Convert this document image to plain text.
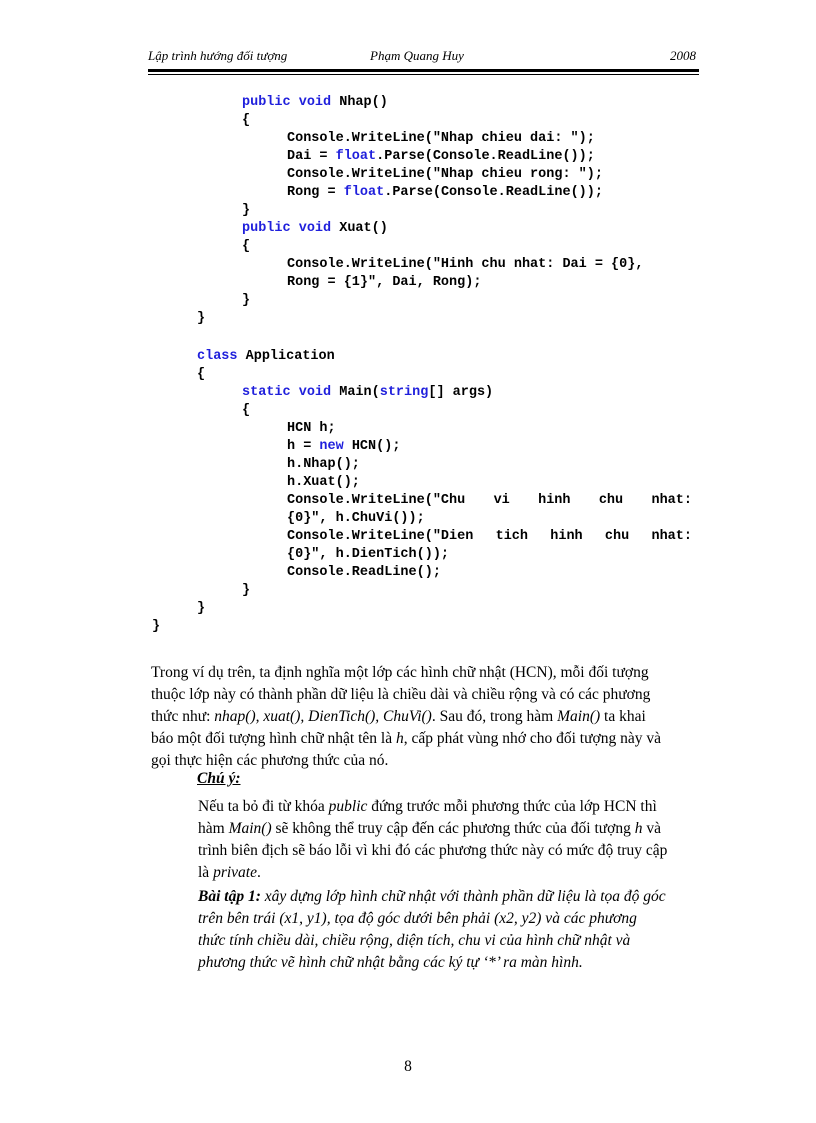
Lập trình hướng đối tượng	Phạm Quang Huy	2008
public void Nhap()
{
Console.WriteLine("Nhap chieu dai: ");
Dai = float.Parse(Console.ReadLine());
Console.WriteLine("Nhap chieu rong: ");
Rong = float.Parse(Console.ReadLine());
}
public void Xuat()
{
Console.WriteLine("Hinh chu nhat: Dai = {0},
Rong = {1}", Dai, Rong);
}
}
class Application
{
static void Main(string[] args)
{
HCN h;
h = new HCN();
h.Nhap();
h.Xuat();
Console.WriteLine("Chu vi hinh chu nhat:
{0}", h.ChuVi());
Console.WriteLine("Dien tich hinh chu nhat:
{0}", h.DienTich());
Console.ReadLine();
}
}
}
Trong ví dụ trên, ta định nghĩa một lớp các hình chữ nhật (HCN), mỗi đối tượng
thuộc lớp này có thành phần dữ liệu là chiều dài và chiều rộng và có các phương
thức như: nhap(), xuat(), DienTich(), ChuVi(). Sau đó, trong hàm Main() ta khai
báo một đối tượng hình chữ nhật tên là h, cấp phát vùng nhớ cho đối tượng này và
gọi thực hiện các phương thức của nó.
Chú ý:
Nếu ta bỏ đi từ khóa public đứng trước mỗi phương thức của lớp HCN thì
hàm Main() sẽ không thể truy cập đến các phương thức của đối tượng h và
trình biên địch sẽ báo lỗi vì khi đó các phương thức này có mức độ truy cập
là private.
Bài tập 1: xây dựng lớp hình chữ nhật với thành phần dữ liệu là tọa độ góc
trên bên trái (x1, y1), tọa độ góc dưới bên phải (x2, y2) và các phương
thức tính chiều dài, chiều rộng, diện tích, chu vi của hình chữ nhật và
phương thức vẽ hình chữ nhật bằng các ký tự ‘*’ ra màn hình.
8
